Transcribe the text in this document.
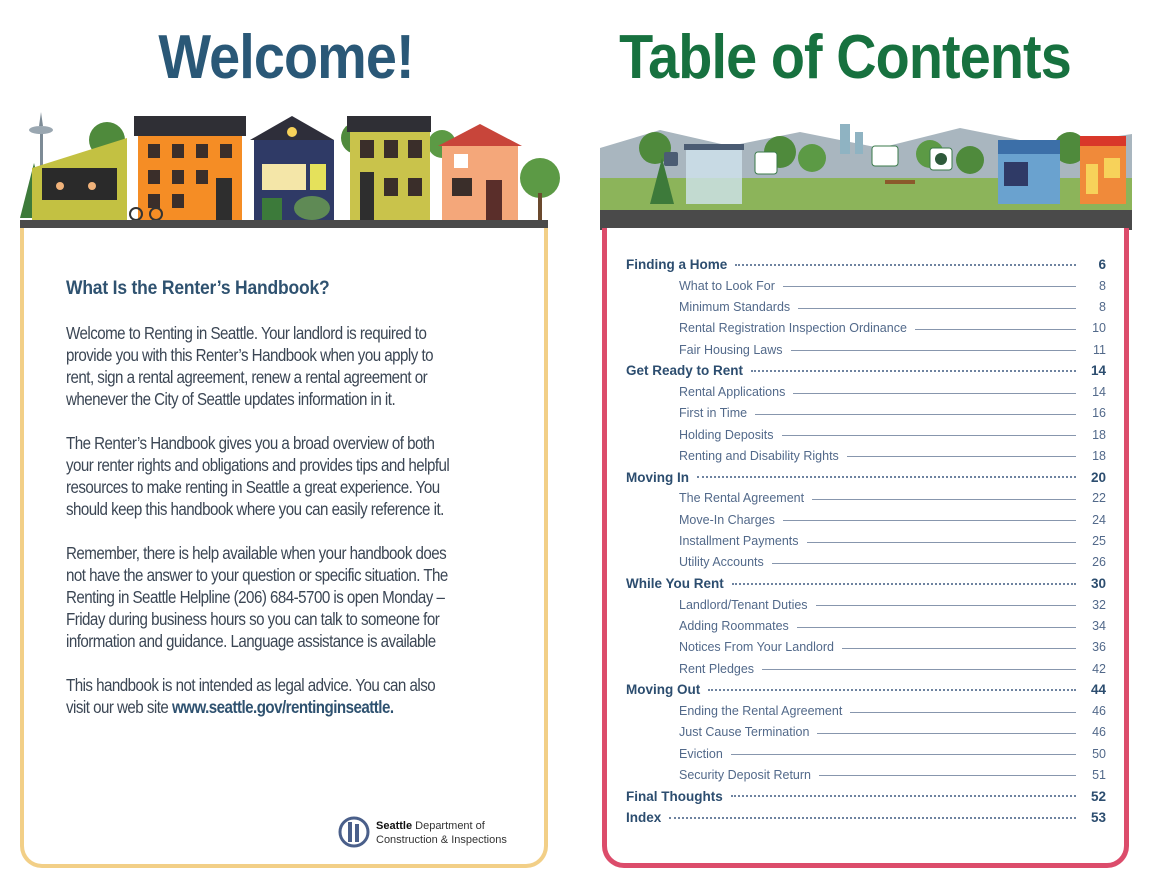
Welcome!	Table of Contents
What Is the Renter’s Handbook?

Welcome to Renting in Seattle. Your landlord is required to provide you with this Renter’s Handbook when you apply to rent, sign a rental agreement, renew a rental agreement or whenever the City of Seattle updates information in it.

The Renter’s Handbook gives you a broad overview of both your renter rights and obligations and provides tips and helpful resources to make renting in Seattle a great experience. You should keep this handbook where you can easily reference it.

Remember, there is help available when your handbook does not have the answer to your question or specific situation. The Renting in Seattle Helpline (206) 684-5700 is open Monday – Friday during business hours so you can talk to someone for information and guidance. Language assistance is available

This handbook is not intended as legal advice. You can also visit our web site www.seattle.gov/rentinginseattle.

Seattle Department of
Construction & Inspections
Finding a Home	6
What to Look For	8
Minimum Standards	8
Rental Registration Inspection Ordinance	10
Fair Housing Laws	11
Get Ready to Rent	14
Rental Applications	14
First in Time	16
Holding Deposits	18
Renting and Disability Rights	18
Moving In	20
The Rental Agreement	22
Move-In Charges	24
Installment Payments	25
Utility Accounts	26
While You Rent	30
Landlord/Tenant Duties	32
Adding Roommates	34
Notices From Your Landlord	36
Rent Pledges	42
Moving Out	44
Ending the Rental Agreement	46
Just Cause Termination	46
Eviction	50
Security Deposit Return	51
Final Thoughts	52
Index	53
